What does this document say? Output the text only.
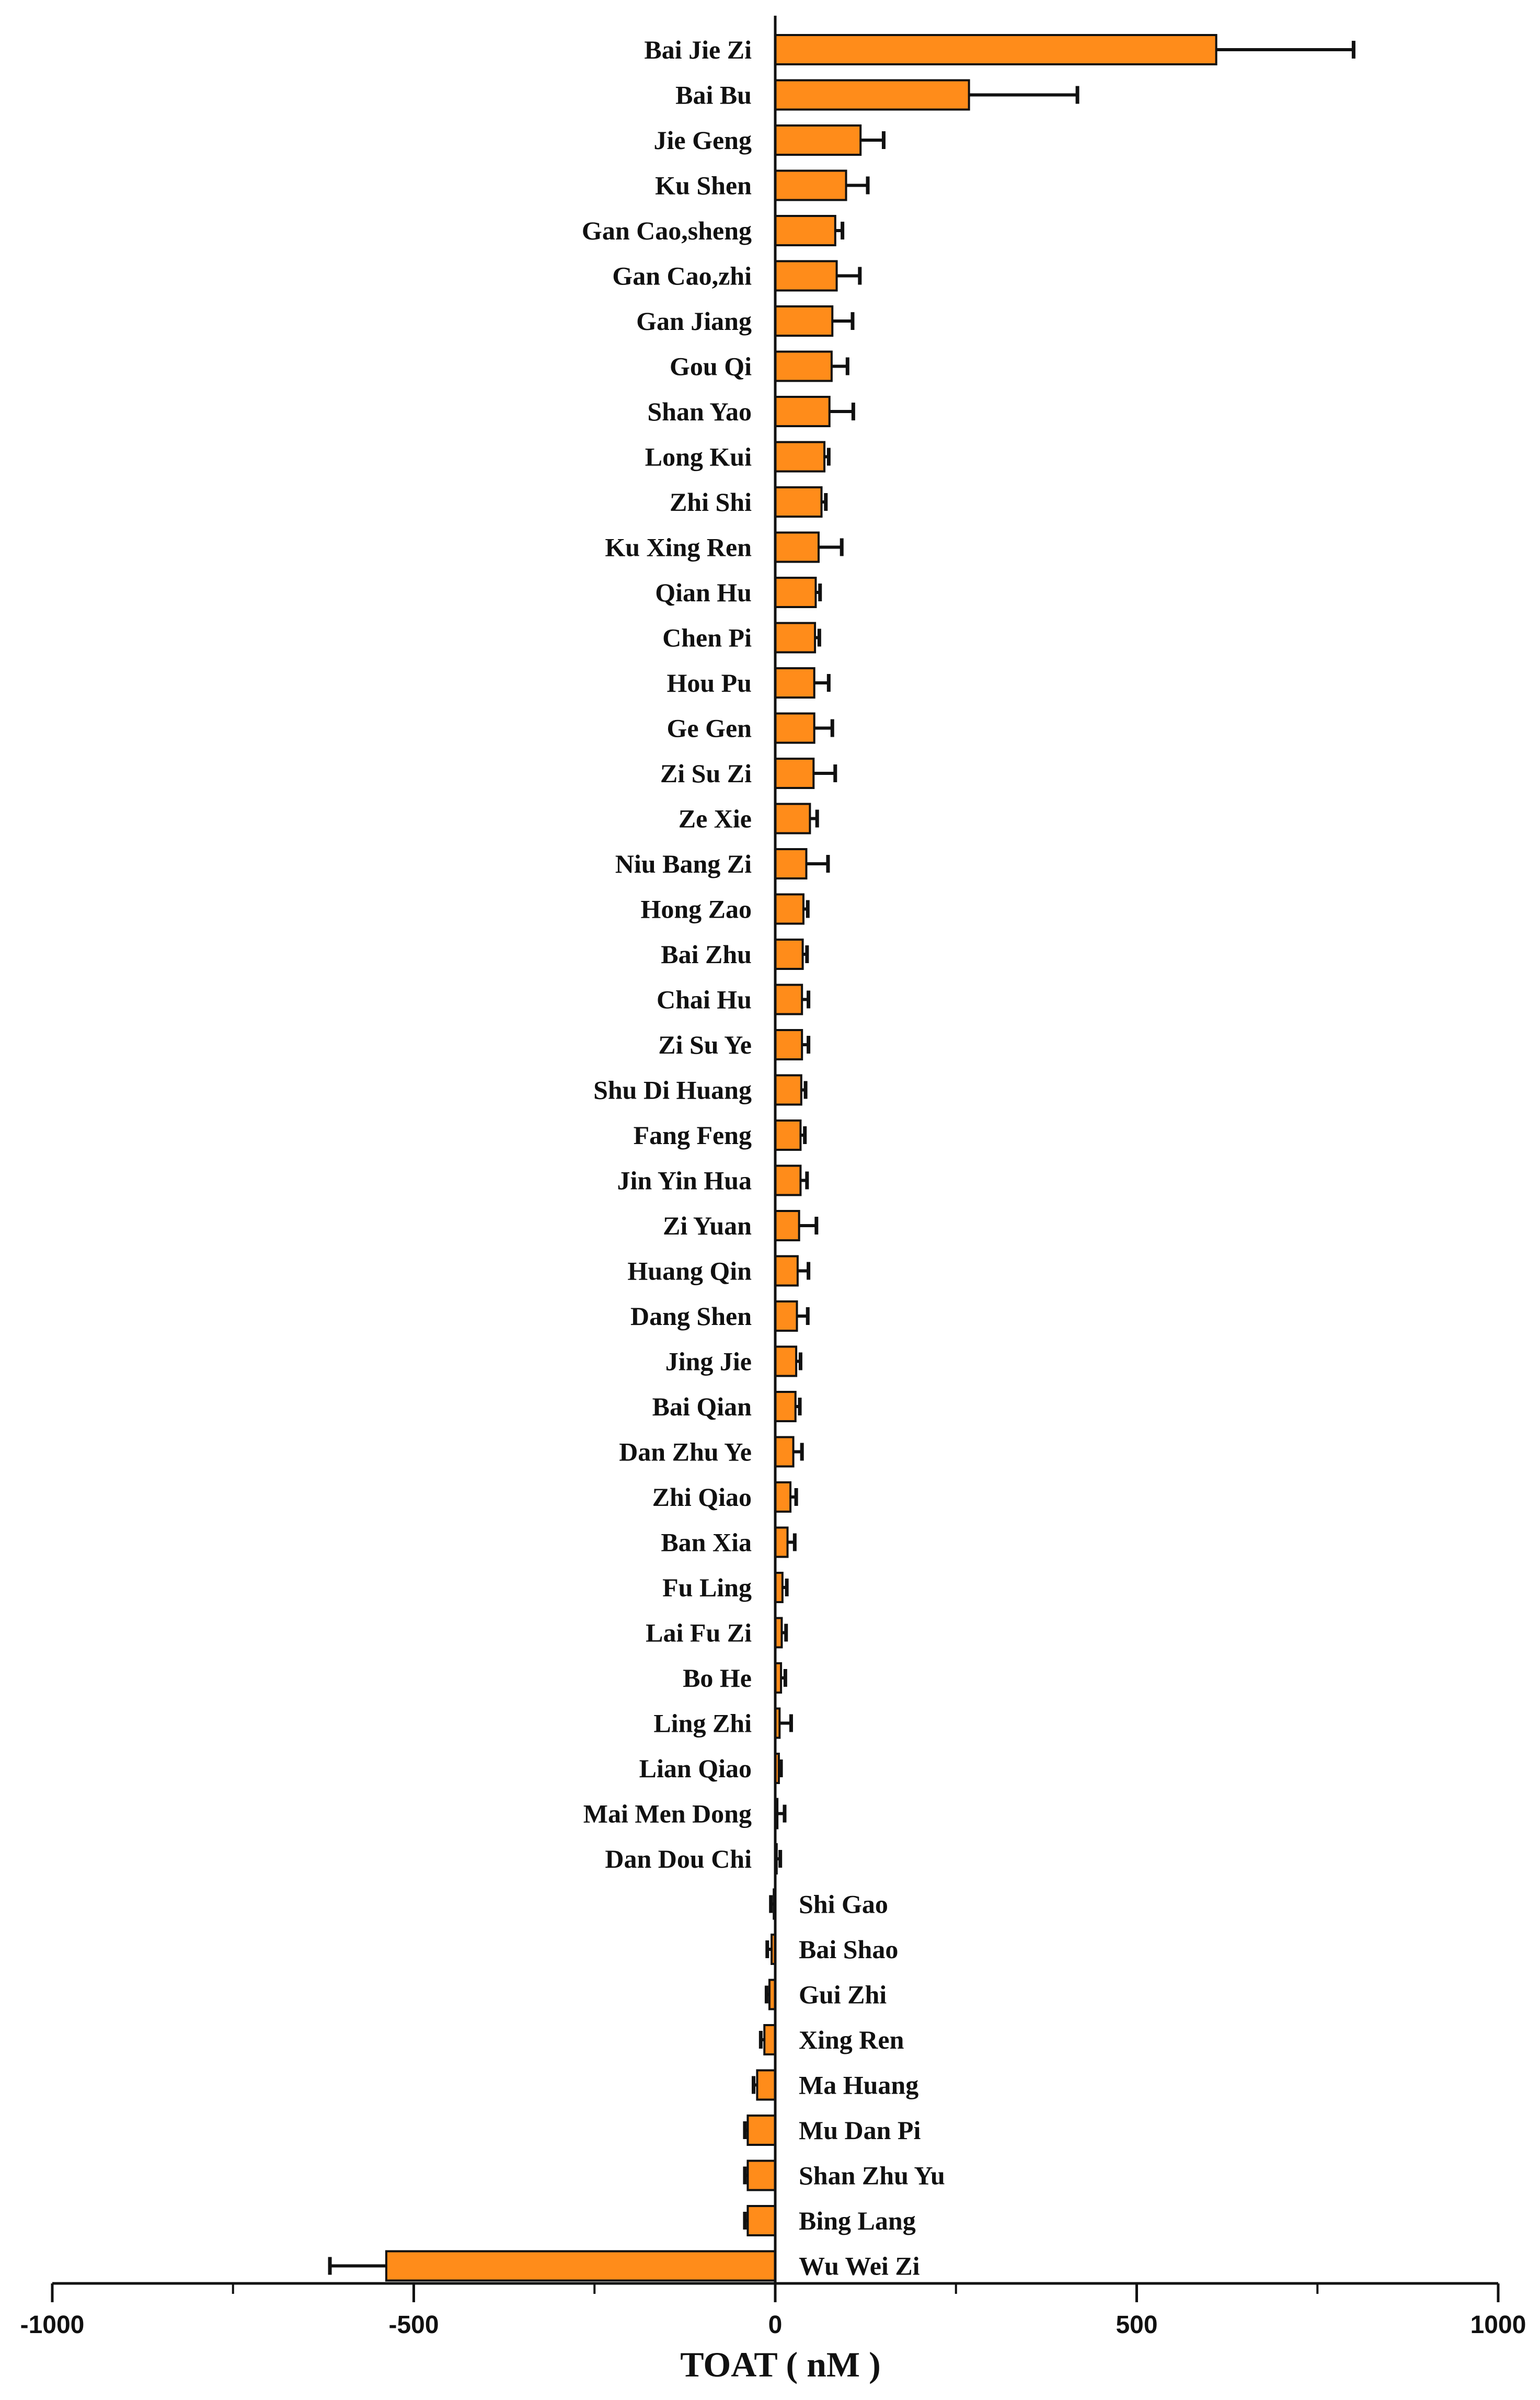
Bai Jie Zi
Bai Bu
Jie Geng
Ku Shen
Gan Cao,sheng
Gan Cao,zhi
Gan Jiang
Gou Qi
Shan Yao
Long Kui
Zhi Shi
Ku Xing Ren
Qian Hu
Chen Pi
Hou Pu
Ge Gen
Zi Su Zi
Ze Xie
Niu Bang Zi
Hong Zao
Bai Zhu
Chai Hu
Zi Su Ye
Shu Di Huang
Fang Feng
Jin Yin Hua
Zi Yuan
Huang Qin
Dang Shen
Jing Jie
Bai Qian
Dan Zhu Ye
Zhi Qiao
Ban Xia
Fu Ling
Lai Fu Zi
Bo He
Ling Zhi
Lian Qiao
Mai Men Dong
Dan Dou Chi
Shi Gao
Bai Shao
Gui Zhi
Xing Ren
Ma Huang
Mu Dan Pi
Shan Zhu Yu
Bing Lang
Wu Wei Zi
-1000	-500	0	500	1000
TOAT ( nM )
